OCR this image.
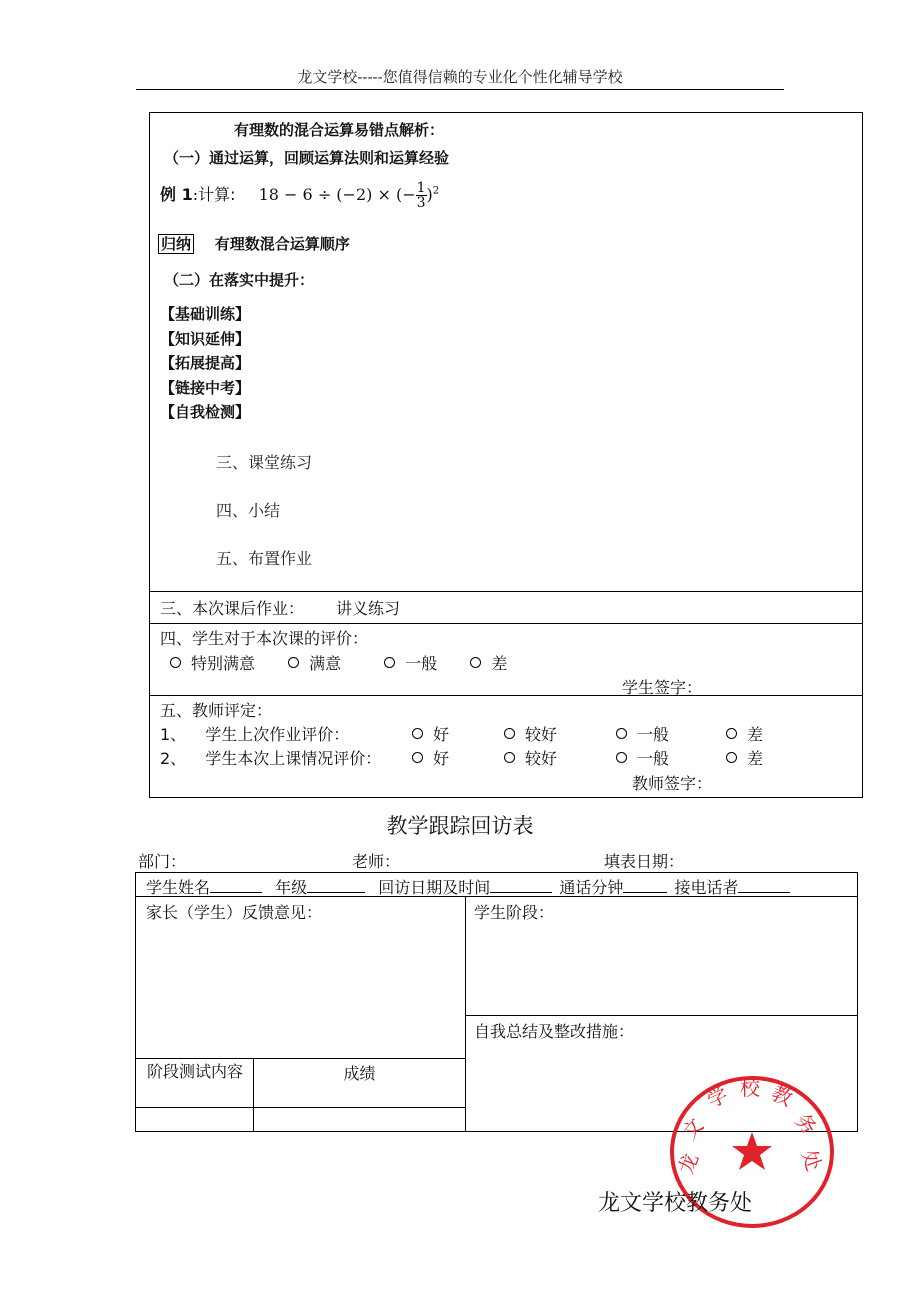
龙文学校-----您值得信赖的专业化个性化辅导学校
有理数的混合运算易错点解析：
（一）通过运算，回顾运算法则和运算经验
例 1:计算: 18 − 6 ÷ (−2) × (− $\frac{1}{3} )^2$
归纳 有理数混合运算顺序
（二）在落实中提升：
【基础训练】
【知识延伸】
【拓展提高】
【链接中考】
【自我检测】
三、课堂练习
四、小结
五、布置作业
三、本次课后作业： 讲义练习
四、学生对于本次课的评价：
特别满意	满意	一般	差
学生签字：
五、教师评定：
1、 学生上次作业评价：	好	较好	一般	差
2、 学生本次上课情况评价：	好	较好	一般	差
教师签字：
教学跟踪回访表
部门：	老师：	填表日期：
学生姓名	年级	回访日期及时间	通话分钟	接电话者
家长（学生）反馈意见：	学生阶段：
自我总结及整改措施：
阶段测试内容	成绩
龙
文
学 校 教
务
处
龙文学校教务处
